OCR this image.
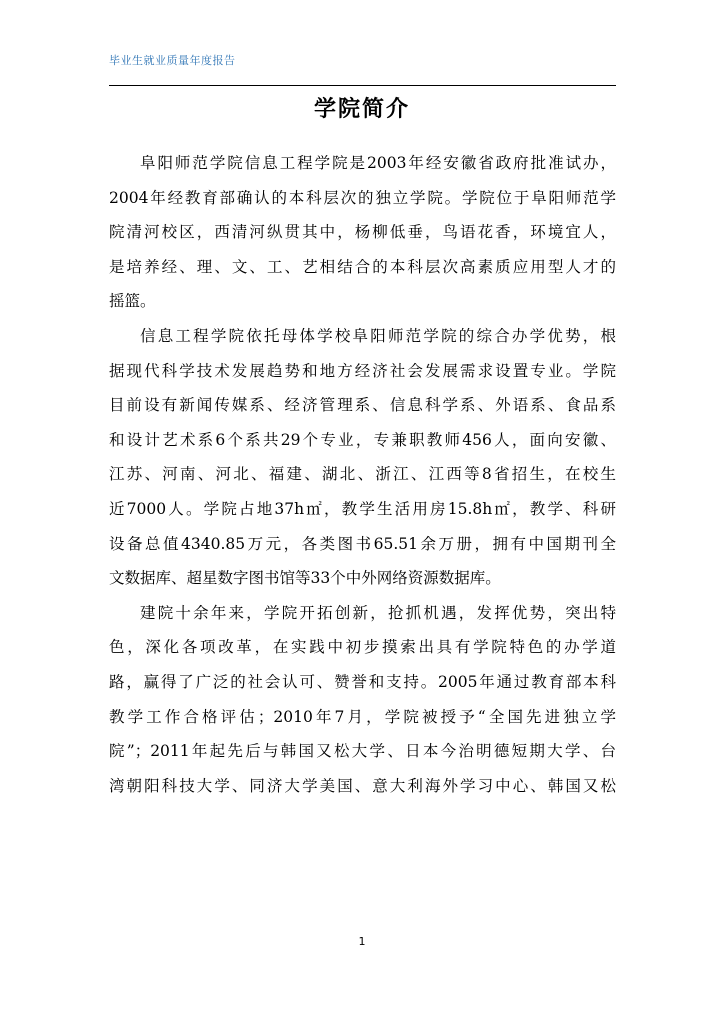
毕业生就业质量年度报告
学院简介
阜阳师范学院信息工程学院是2003年经安徽省政府批准试办，
2004年经教育部确认的本科层次的独立学院。学院位于阜阳师范学
院清河校区，西清河纵贯其中，杨柳低垂，鸟语花香，环境宜人，
是培养经、理、文、工、艺相结合的本科层次高素质应用型人才的
摇篮。
信息工程学院依托母体学校阜阳师范学院的综合办学优势，根
据现代科学技术发展趋势和地方经济社会发展需求设置专业。学院
目前设有新闻传媒系、经济管理系、信息科学系、外语系、食品系
和设计艺术系6个系共29个专业，专兼职教师456人，面向安徽、
江苏、河南、河北、福建、湖北、浙江、江西等8省招生，在校生
近7000人。学院占地37h㎡，教学生活用房15.8h㎡，教学、科研
设备总值4340.85万元，各类图书65.51余万册，拥有中国期刊全
文数据库、超星数字图书馆等33个中外网络资源数据库。
建院十余年来，学院开拓创新，抢抓机遇，发挥优势，突出特
色，深化各项改革，在实践中初步摸索出具有学院特色的办学道
路，赢得了广泛的社会认可、赞誉和支持。2005年通过教育部本科
教学工作合格评估；2010年7月，学院被授予“全国先进独立学
院”；2011年起先后与韩国又松大学、日本今治明德短期大学、台
湾朝阳科技大学、同济大学美国、意大利海外学习中心、韩国又松
1
